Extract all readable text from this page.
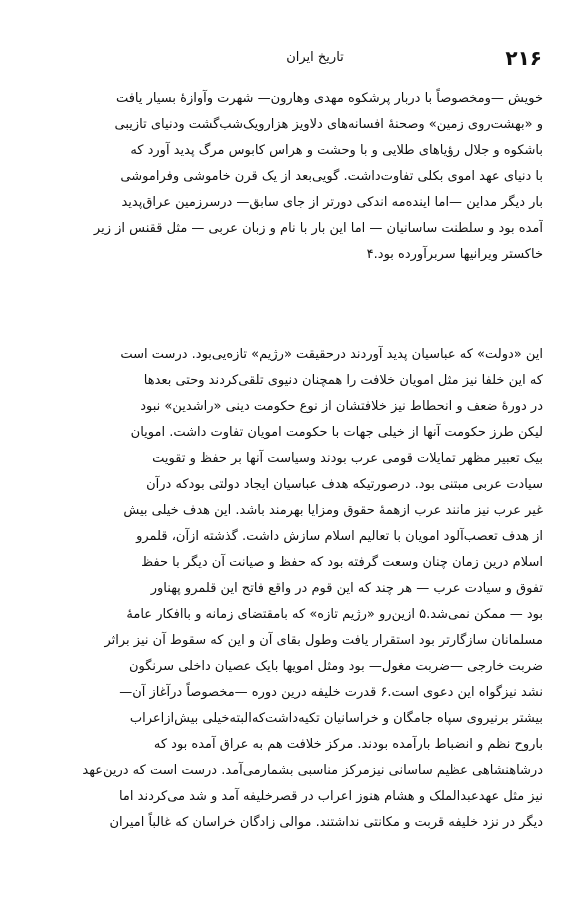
تاریخ ایران	۲۱۶
خویش —ومخصوصاً با دربار پرشکوه مهدی وهارون— شهرت وآوازهٔ بسیار یافت
و «بهشت‌روی زمین» وصحنهٔ افسانه‌های دلاویز هزارویک‌شب‌گشت ودنیای تازیبی
باشکوه و جلال رؤیاهای طلایی و با وحشت و هراس کابوس مرگ پدید آورد که
با دنیای عهد اموی بکلی تفاوت‌داشت. گویی‌بعد از یک قرن خاموشی وفراموشی
بار دیگر مداین —اما اینده‌مه اندکی دورتر از جای سابق— درسرزمین عراق‌پدید
آمده بود و سلطنت ساسانیان — اما این بار با نام و زبان عربی — مثل ققنس از زیر
خاکستر ویرانیها سربرآورده بود.۴
این «دولت» که عباسیان پدید آوردند درحقیقت «رژیم» تازه‌یی‌بود. درست است
که این خلفا نیز مثل امویان خلافت را همچنان دنیوی تلقی‌کردند وحتی بعدها
در دورهٔ ضعف و انحطاط نیز خلافتشان از نوع حکومت دینی «راشدین» نبود
لیکن طرز حکومت آنها از خیلی جهات با حکومت امویان تفاوت داشت. امویان
بیک تعبیر مظهر تمایلات قومی عرب بودند وسیاست آنها بر حفظ و تقویت
سیادت عربی مبتنی بود. درصورتیکه هدف عباسیان ایجاد دولتی بودکه درآن
غیر عرب نیز مانند عرب ازهمهٔ حقوق ومزایا بهرمند باشد. این هدف خیلی بیش
از هدف تعصب‌آلود امویان با تعالیم اسلام سازش داشت. گذشته ازآن، قلمرو
اسلام درین زمان چنان وسعت گرفته بود که حفظ و صیانت آن دیگر با حفظ
تفوق و سیادت عرب — هر چند که این قوم در واقع فاتح این قلمرو پهناور
بود — ممکن نمی‌شد.۵ ازین‌رو «رژیم تازه» که بامقتضای زمانه و باافکار عامهٔ
مسلمانان سازگارتر بود استقرار یافت وطول بقای آن و این که سقوط آن نیز براثر
ضربت خارجی —ضربت مغول— بود ومثل امویها بایک عصیان داخلی سرنگون
نشد نیزگواه این دعوی است.۶ قدرت خلیفه درین دوره —مخصوصاً درآغاز آن—
بیشتر برنیروی سپاه جامگان و خراسانیان تکیه‌داشت‌که‌البته‌خیلی بیش‌ازاعراب
باروح نظم و انضباط بارآمده بودند. مرکز خلافت هم به عراق آمده بود که
درشاهنشاهی عظیم ساسانی نیزمرکز مناسبی بشمارمی‌آمد. درست است که درین‌عهد
نیز مثل عهدعبدالملک و هشام هنوز اعراب در قصرخلیفه آمد و شد می‌کردند اما
دیگر در نزد خلیفه قربت و مکانتی نداشتند. موالی زادگان خراسان که غالباً امیران
